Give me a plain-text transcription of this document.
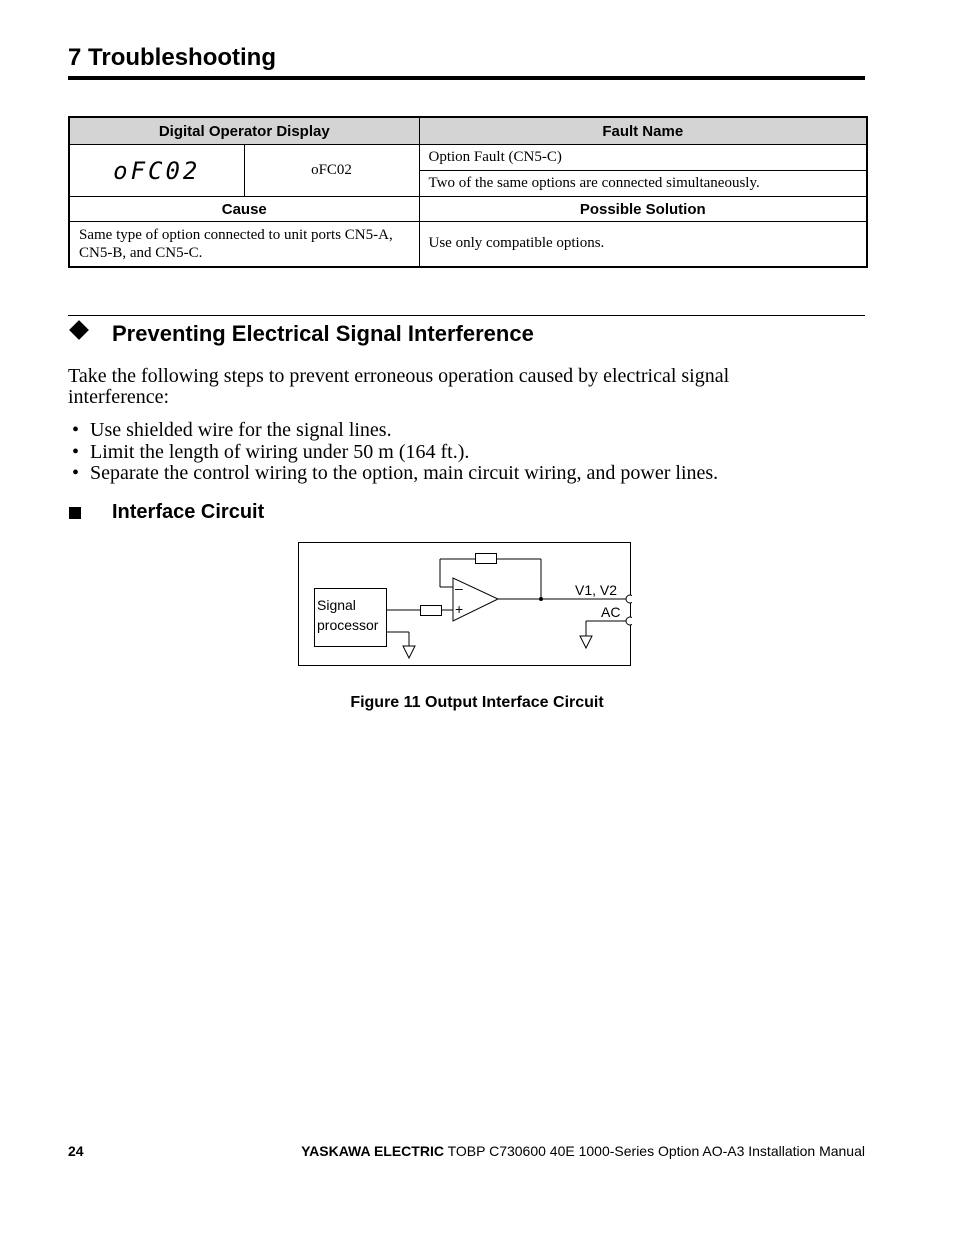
7 Troubleshooting
Digital Operator Display		Fault Name
oFC02	oFC02	Option Fault (CN5-C)
		Two of the same options are connected simultaneously.
Cause		Possible Solution
Same type of option connected to unit ports CN5-A, CN5-B, and CN5-C.		Use only compatible options.
Preventing Electrical Signal Interference
Take the following steps to prevent erroneous operation caused by electrical signal interference:
• Use shielded wire for the signal lines.
• Limit the length of wiring under 50 m (164 ft.).
• Separate the control wiring to the option, main circuit wiring, and power lines.
Interface Circuit
Signal
processor
–
+
V1, V2
AC
Figure 11 Output Interface Circuit
24	YASKAWA ELECTRIC TOBP C730600 40E 1000-Series Option AO-A3 Installation Manual
